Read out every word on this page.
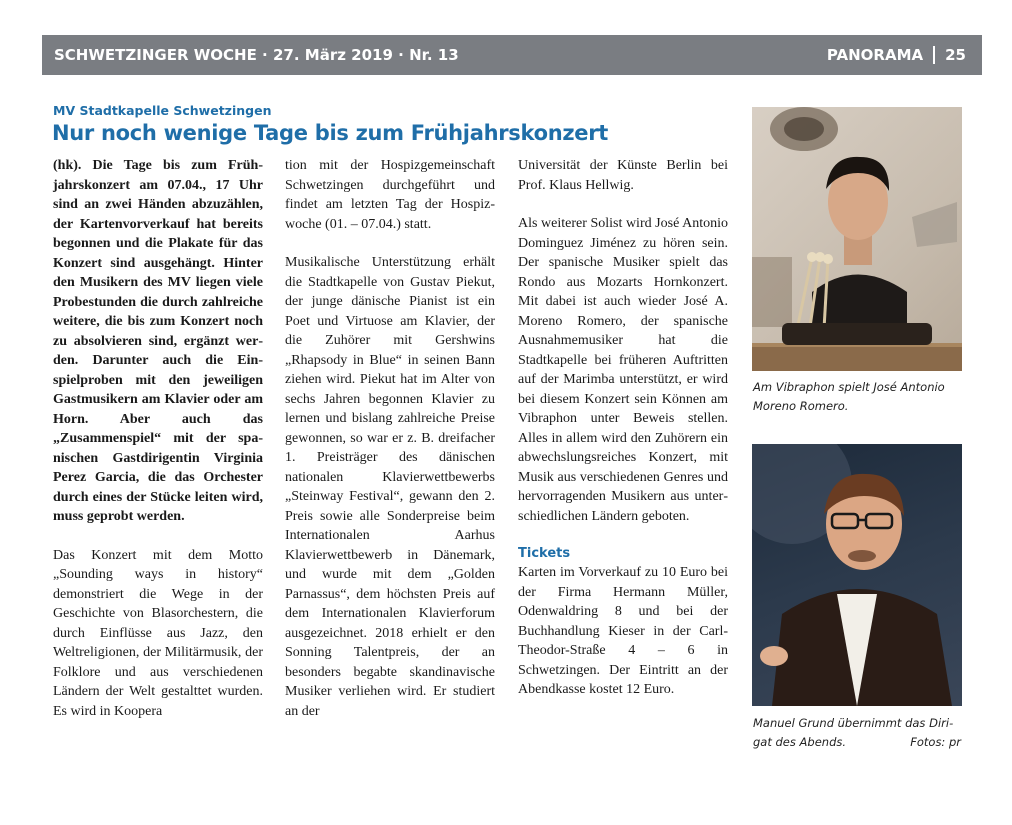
SCHWETZINGER WOCHE · 27. März 2019 · Nr. 13	PANORAMA 25
MV Stadtkapelle Schwetzingen
Nur noch wenige Tage bis zum Frühjahrskonzert

(hk). Die Tage bis zum Frühjahrskonzert am 07.04., 17 Uhr sind an zwei Händen abzuzählen, der Kartenvorverkauf hat bereits begonnen und die Plakate für das Konzert sind ausgehängt. Hinter den Musikern des MV liegen viele Probestunden die durch zahlreiche weitere, die bis zum Konzert noch zu absolvieren sind, ergänzt werden. Darunter auch die Einspielproben mit den jeweiligen Gastmusikern am Klavier oder am Horn. Aber auch das „Zusammenspiel“ mit der spanischen Gastdirigentin Virginia Perez Garcia, die das Orchester durch eines der Stücke leiten wird, muss geprobt werden.

Das Konzert mit dem Motto „Sounding ways in history“ demonstriert die Wege in der Geschichte von Blasorchestern, die durch Einflüsse aus Jazz, den Weltreligionen, der Militärmusik, der Folklore und aus verschiedenen Ländern der Welt gestalttet wurden. Es wird in Koopera

tion mit der Hospizgemeinschaft Schwetzingen durchgeführt und findet am letzten Tag der Hospizwoche (01. – 07.04.) statt.

Musikalische Unterstützung erhält die Stadtkapelle von Gustav Piekut, der junge dänische Pianist ist ein Poet und Virtuose am Klavier, der die Zuhörer mit Gershwins „Rhapsody in Blue“ in seinen Bann ziehen wird. Piekut hat im Alter von sechs Jahren begonnen Klavier zu lernen und bislang zahlreiche Preise gewonnen, so war er z. B. dreifacher 1. Preisträger des dänischen nationalen Klavierwettbewerbs „Steinway Festival“, gewann den 2. Preis sowie alle Sonderpreise beim Internationalen Aarhus Klavierwettbewerb in Dänemark, und wurde mit dem „Golden Parnassus“, dem höchsten Preis auf dem Internationalen Klavierforum ausgezeichnet. 2018 erhielt er den Sonning Talentpreis, der an besonders begabte skandinavische Musiker verliehen wird. Er studiert an der

Universität der Künste Berlin bei Prof. Klaus Hellwig.

Als weiterer Solist wird José Antonio Dominguez Jiménez zu hören sein. Der spanische Musiker spielt das Rondo aus Mozarts Hornkonzert. Mit dabei ist auch wieder José A. Moreno Romero, der spanische Ausnahmemusiker hat die Stadtkapelle bei früheren Auftritten auf der Marimba unterstützt, er wird bei diesem Konzert sein Können am Vibraphon unter Beweis stellen. Alles in allem wird den Zuhörern ein abwechslungsreiches Konzert, mit Musik aus verschiedenen Genres und hervorragenden Musikern aus unterschiedlichen Ländern geboten.

Tickets

Karten im Vorverkauf zu 10 Euro bei der Firma Hermann Müller, Odenwaldring 8 und bei der Buchhandlung Kieser in der Carl-Theodor-Straße 4 – 6 in Schwetzingen. Der Eintritt an der Abendkasse kostet 12 Euro.

Am Vibraphon spielt José Antonio Moreno Romero.
Manuel Grund übernimmt das Dirigat des Abends.	Fotos: pr
